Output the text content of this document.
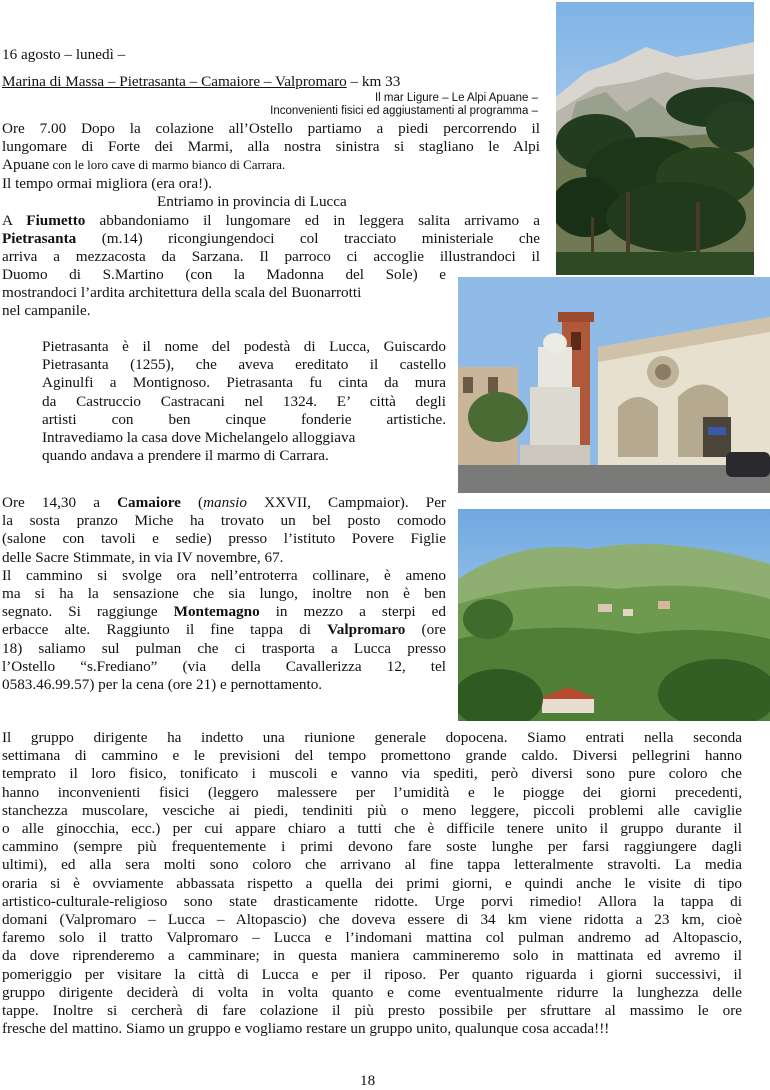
16 agosto – lunedì –
Marina di Massa – Pietrasanta – Camaiore – Valpromaro – km 33
Il mar Ligure – Le Alpi Apuane –
Inconvenienti fisici ed aggiustamenti al programma –
Ore 7.00 Dopo la colazione all’Ostello partiamo a piedi percorrendo il
lungomare di Forte dei Marmi, alla nostra sinistra si stagliano le Alpi
Apuane con le loro cave di marmo bianco di Carrara.
Il tempo ormai migliora (era ora!).
Entriamo in provincia di Lucca
A Fiumetto abbandoniamo il lungomare ed in leggera salita arrivamo a
Pietrasanta (m.14) ricongiungendoci col tracciato ministeriale che
arriva a mezzacosta da Sarzana. Il parroco ci accoglie illustrandoci il
Duomo di S.Martino (con la Madonna del Sole) e
mostrandoci l’ardita architettura della scala del Buonarrotti
nel campanile.
Pietrasanta è il nome del podestà di Lucca, Guiscardo
Pietrasanta (1255), che aveva ereditato il castello
Aginulfi a Montignoso. Pietrasanta fu cinta da mura
da Castruccio Castracani nel 1324. E’ città degli
artisti con ben cinque fonderie artistiche.
Intravediamo la casa dove Michelangelo alloggiava
quando andava a prendere il marmo di Carrara.
Ore 14,30 a Camaiore (mansio XXVII, Campmaior). Per
la sosta pranzo Miche ha trovato un bel posto comodo
(salone con tavoli e sedie) presso l’istituto Povere Figlie
delle Sacre Stimmate, in via IV novembre, 67.
Il cammino si svolge ora nell’entroterra collinare, è ameno
ma si ha la sensazione che sia lungo, inoltre non è ben
segnato. Si raggiunge Montemagno in mezzo a sterpi ed
erbacce alte. Raggiunto il fine tappa di Valpromaro (ore
18) saliamo sul pulman che ci trasporta a Lucca presso
l’Ostello “s.Frediano” (via della Cavallerizza 12, tel
0583.46.99.57) per la cena (ore 21) e pernottamento.
Il gruppo dirigente ha indetto una riunione generale dopocena. Siamo entrati nella seconda
settimana di cammino e le previsioni del tempo promettono grande caldo. Diversi pellegrini hanno
temprato il loro fisico, tonificato i muscoli e vanno via spediti, però diversi sono pure coloro che
hanno inconvenienti fisici (leggero malessere per l’umidità e le piogge dei giorni precedenti,
stanchezza muscolare, vesciche ai piedi, tendiniti più o meno leggere, piccoli problemi alle caviglie
o alle ginocchia, ecc.) per cui appare chiaro a tutti che è difficile tenere unito il gruppo durante il
cammino (sempre più frequentemente i primi devono fare soste lunghe per farsi raggiungere dagli
ultimi), ed alla sera molti sono coloro che arrivano al fine tappa letteralmente stravolti. La media
oraria si è ovviamente abbassata rispetto a quella dei primi giorni, e quindi anche le visite di tipo
artistico-culturale-religioso sono state drasticamente ridotte. Urge porvi rimedio! Allora la tappa di
domani (Valpromaro – Lucca – Altopascio) che doveva essere di 34 km viene ridotta a 23 km, cioè
faremo solo il tratto Valpromaro – Lucca e l’indomani mattina col pulman andremo ad Altopascio,
da dove riprenderemo a camminare; in questa maniera cammineremo solo in mattinata ed avremo il
pomeriggio per visitare la città di Lucca e per il riposo. Per quanto riguarda i giorni successivi, il
gruppo dirigente deciderà di volta in volta quanto e come eventualmente ridurre la lunghezza delle
tappe. Inoltre si cercherà di fare colazione il più presto possibile per sfruttare al massimo le ore
fresche del mattino. Siamo un gruppo e vogliamo restare un gruppo unito, qualunque cosa accada!!!
18
